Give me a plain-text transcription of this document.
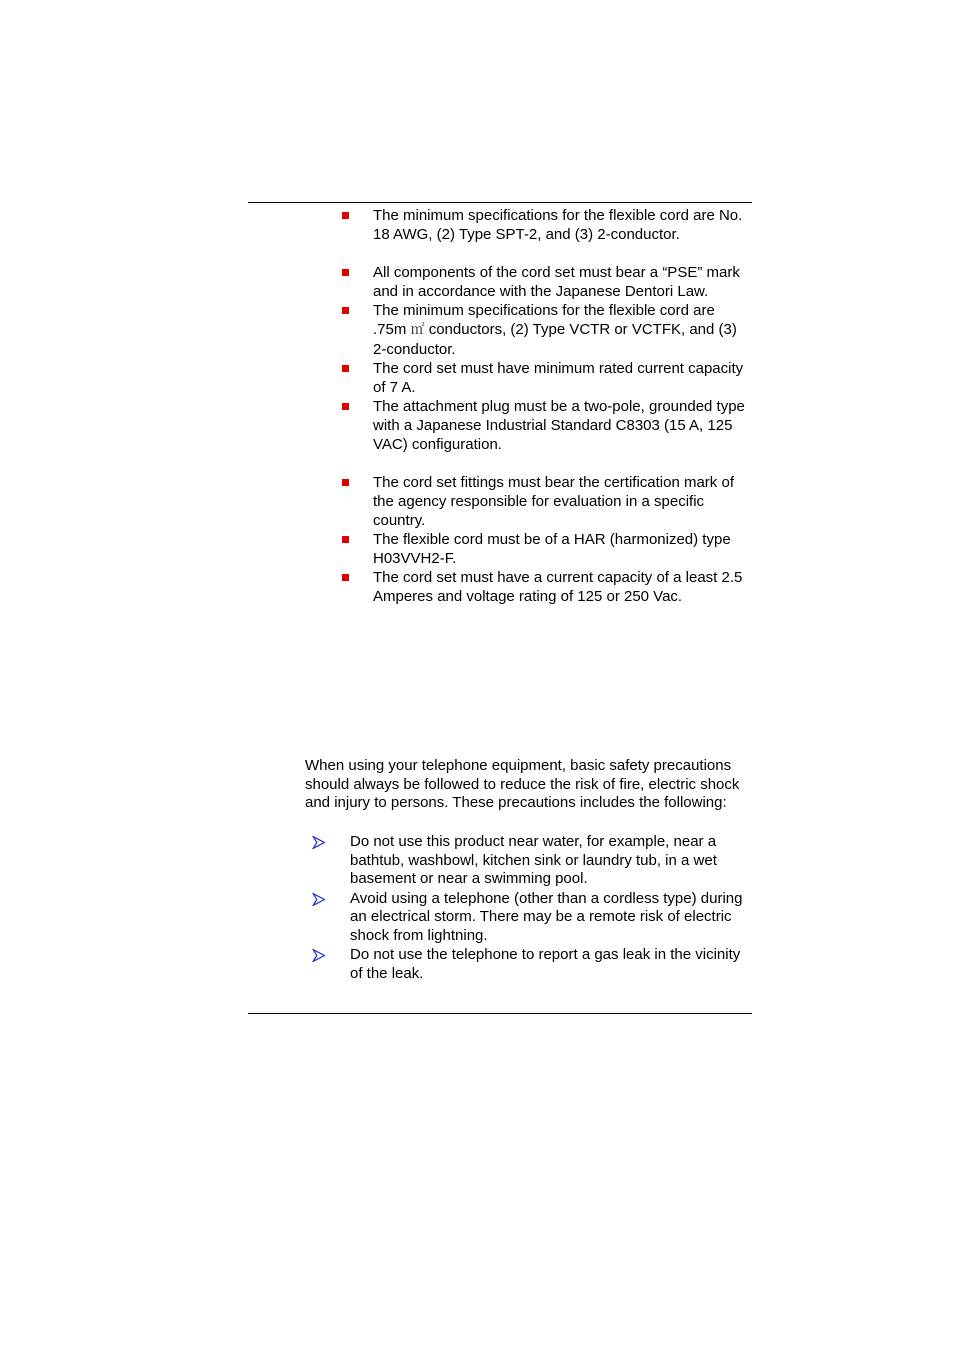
The minimum specifications for the flexible cord are No. 18 AWG, (2) Type SPT-2, and (3) 2-conductor.
All components of the cord set must bear a “PSE” mark and in accordance with the Japanese Dentori Law.
The minimum specifications for the flexible cord are .75m ㎡ conductors, (2) Type VCTR or VCTFK, and (3) 2-conductor.
The cord set must have minimum rated current capacity of 7 A.
The attachment plug must be a two-pole, grounded type with a Japanese Industrial Standard C8303 (15 A, 125 VAC) configuration.
The cord set fittings must bear the certification mark of the agency responsible for evaluation in a specific country.
The flexible cord must be of a HAR (harmonized) type H03VVH2-F.
The cord set must have a current capacity of a least 2.5 Amperes and voltage rating of 125 or 250 Vac.

When using your telephone equipment, basic safety precautions should always be followed to reduce the risk of fire, electric shock and injury to persons. These precautions includes the following:

Do not use this product near water, for example, near a bathtub, washbowl, kitchen sink or laundry tub, in a wet basement or near a swimming pool.
Avoid using a telephone (other than a cordless type) during an electrical storm. There may be a remote risk of electric shock from lightning.
Do not use the telephone to report a gas leak in the vicinity of the leak.
